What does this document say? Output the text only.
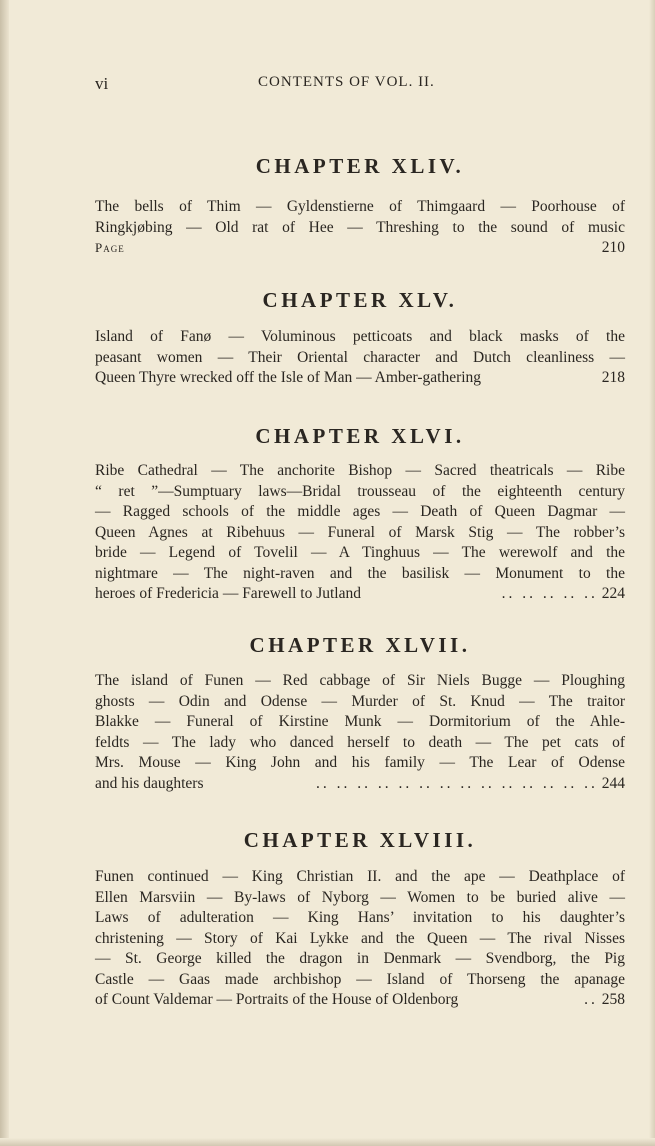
vi	CONTENTS OF VOL. II.
CHAPTER XLIV.
The bells of Thim — Gyldenstierne of Thimgaard — Poorhouse of
Ringkjøbing — Old rat of Hee — Threshing to the sound of music
Page	210
CHAPTER XLV.
Island of Fanø — Voluminous petticoats and black masks of the
peasant women — Their Oriental character and Dutch cleanliness —
Queen Thyre wrecked off the Isle of Man — Amber-gathering	218
CHAPTER XLVI.
Ribe Cathedral — The anchorite Bishop — Sacred theatricals — Ribe
“ ret ”—Sumptuary laws—Bridal trousseau of the eighteenth century
— Ragged schools of the middle ages — Death of Queen Dagmar —
Queen Agnes at Ribehuus — Funeral of Marsk Stig — The robber’s
bride — Legend of Tovelil — A Tinghuus — The werewolf and the
nightmare — The night-raven and the basilisk — Monument to the
heroes of Fredericia — Farewell to Jutland	.. .. .. .. .. 224
CHAPTER XLVII.
The island of Funen — Red cabbage of Sir Niels Bugge — Ploughing
ghosts — Odin and Odense — Murder of St. Knud — The traitor
Blakke — Funeral of Kirstine Munk — Dormitorium of the Ahle-
feldts — The lady who danced herself to death — The pet cats of
Mrs. Mouse — King John and his family — The Lear of Odense
and his daughters	.. .. .. .. .. .. .. .. .. .. .. .. .. .. 244
CHAPTER XLVIII.
Funen continued — King Christian II. and the ape — Deathplace of
Ellen Marsviin — By-laws of Nyborg — Women to be buried alive —
Laws of adulteration — King Hans’ invitation to his daughter’s
christening — Story of Kai Lykke and the Queen — The rival Nisses
— St. George killed the dragon in Denmark — Svendborg, the Pig
Castle — Gaas made archbishop — Island of Thorseng the apanage
of Count Valdemar — Portraits of the House of Oldenborg	.. 258
